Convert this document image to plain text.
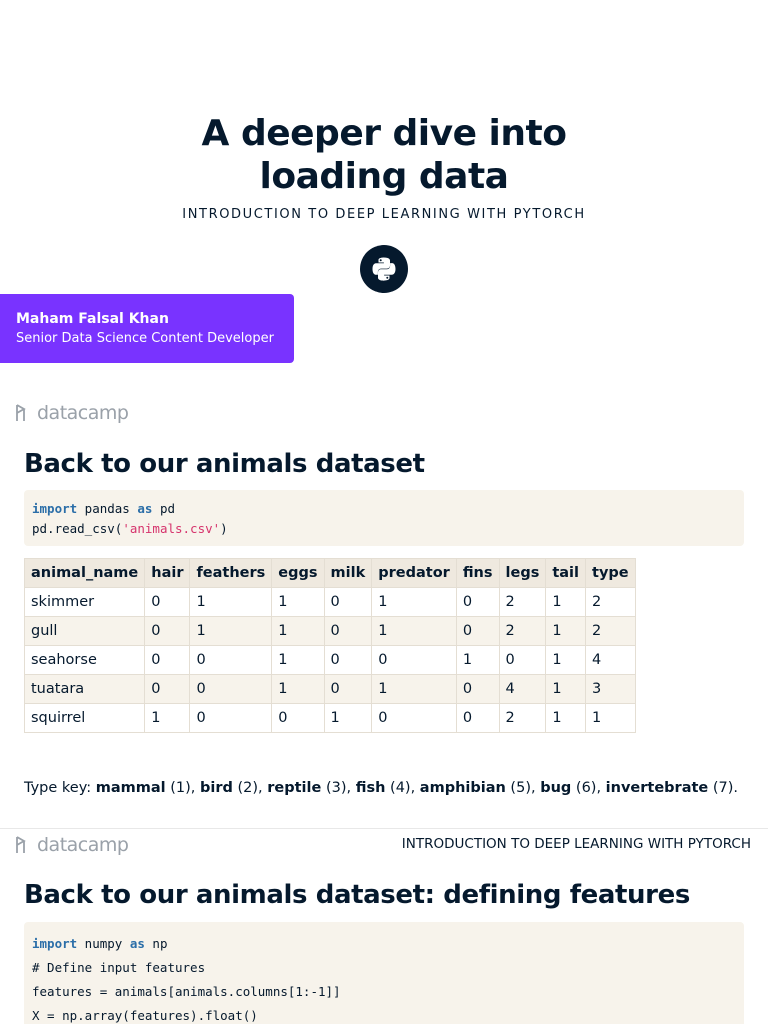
A deeper dive into
loading data
INTRODUCTION TO DEEP LEARNING WITH PYTORCH
Maham Falsal Khan
Senior Data Science Content Developer
datacamp
Back to our animals dataset
import pandas as pd
pd.read_csv('animals.csv')
animal_name	hair	feathers	eggs	milk	predator	fins	legs	tail	type
skimmer	0	1	1	0	1	0	2	1	2
gull	0	1	1	0	1	0	2	1	2
seahorse	0	0	1	0	0	1	0	1	4
tuatara	0	0	1	0	1	0	4	1	3
squirrel	1	0	0	1	0	0	2	1	1
Type key: mammal (1), bird (2), reptile (3), fish (4), amphibian (5), bug (6), invertebrate (7).
datacamp	INTRODUCTION TO DEEP LEARNING WITH PYTORCH
Back to our animals dataset: defining features
import numpy as np
# Define input features
features = animals[animals.columns[1:-1]]
X = np.array(features).float()
